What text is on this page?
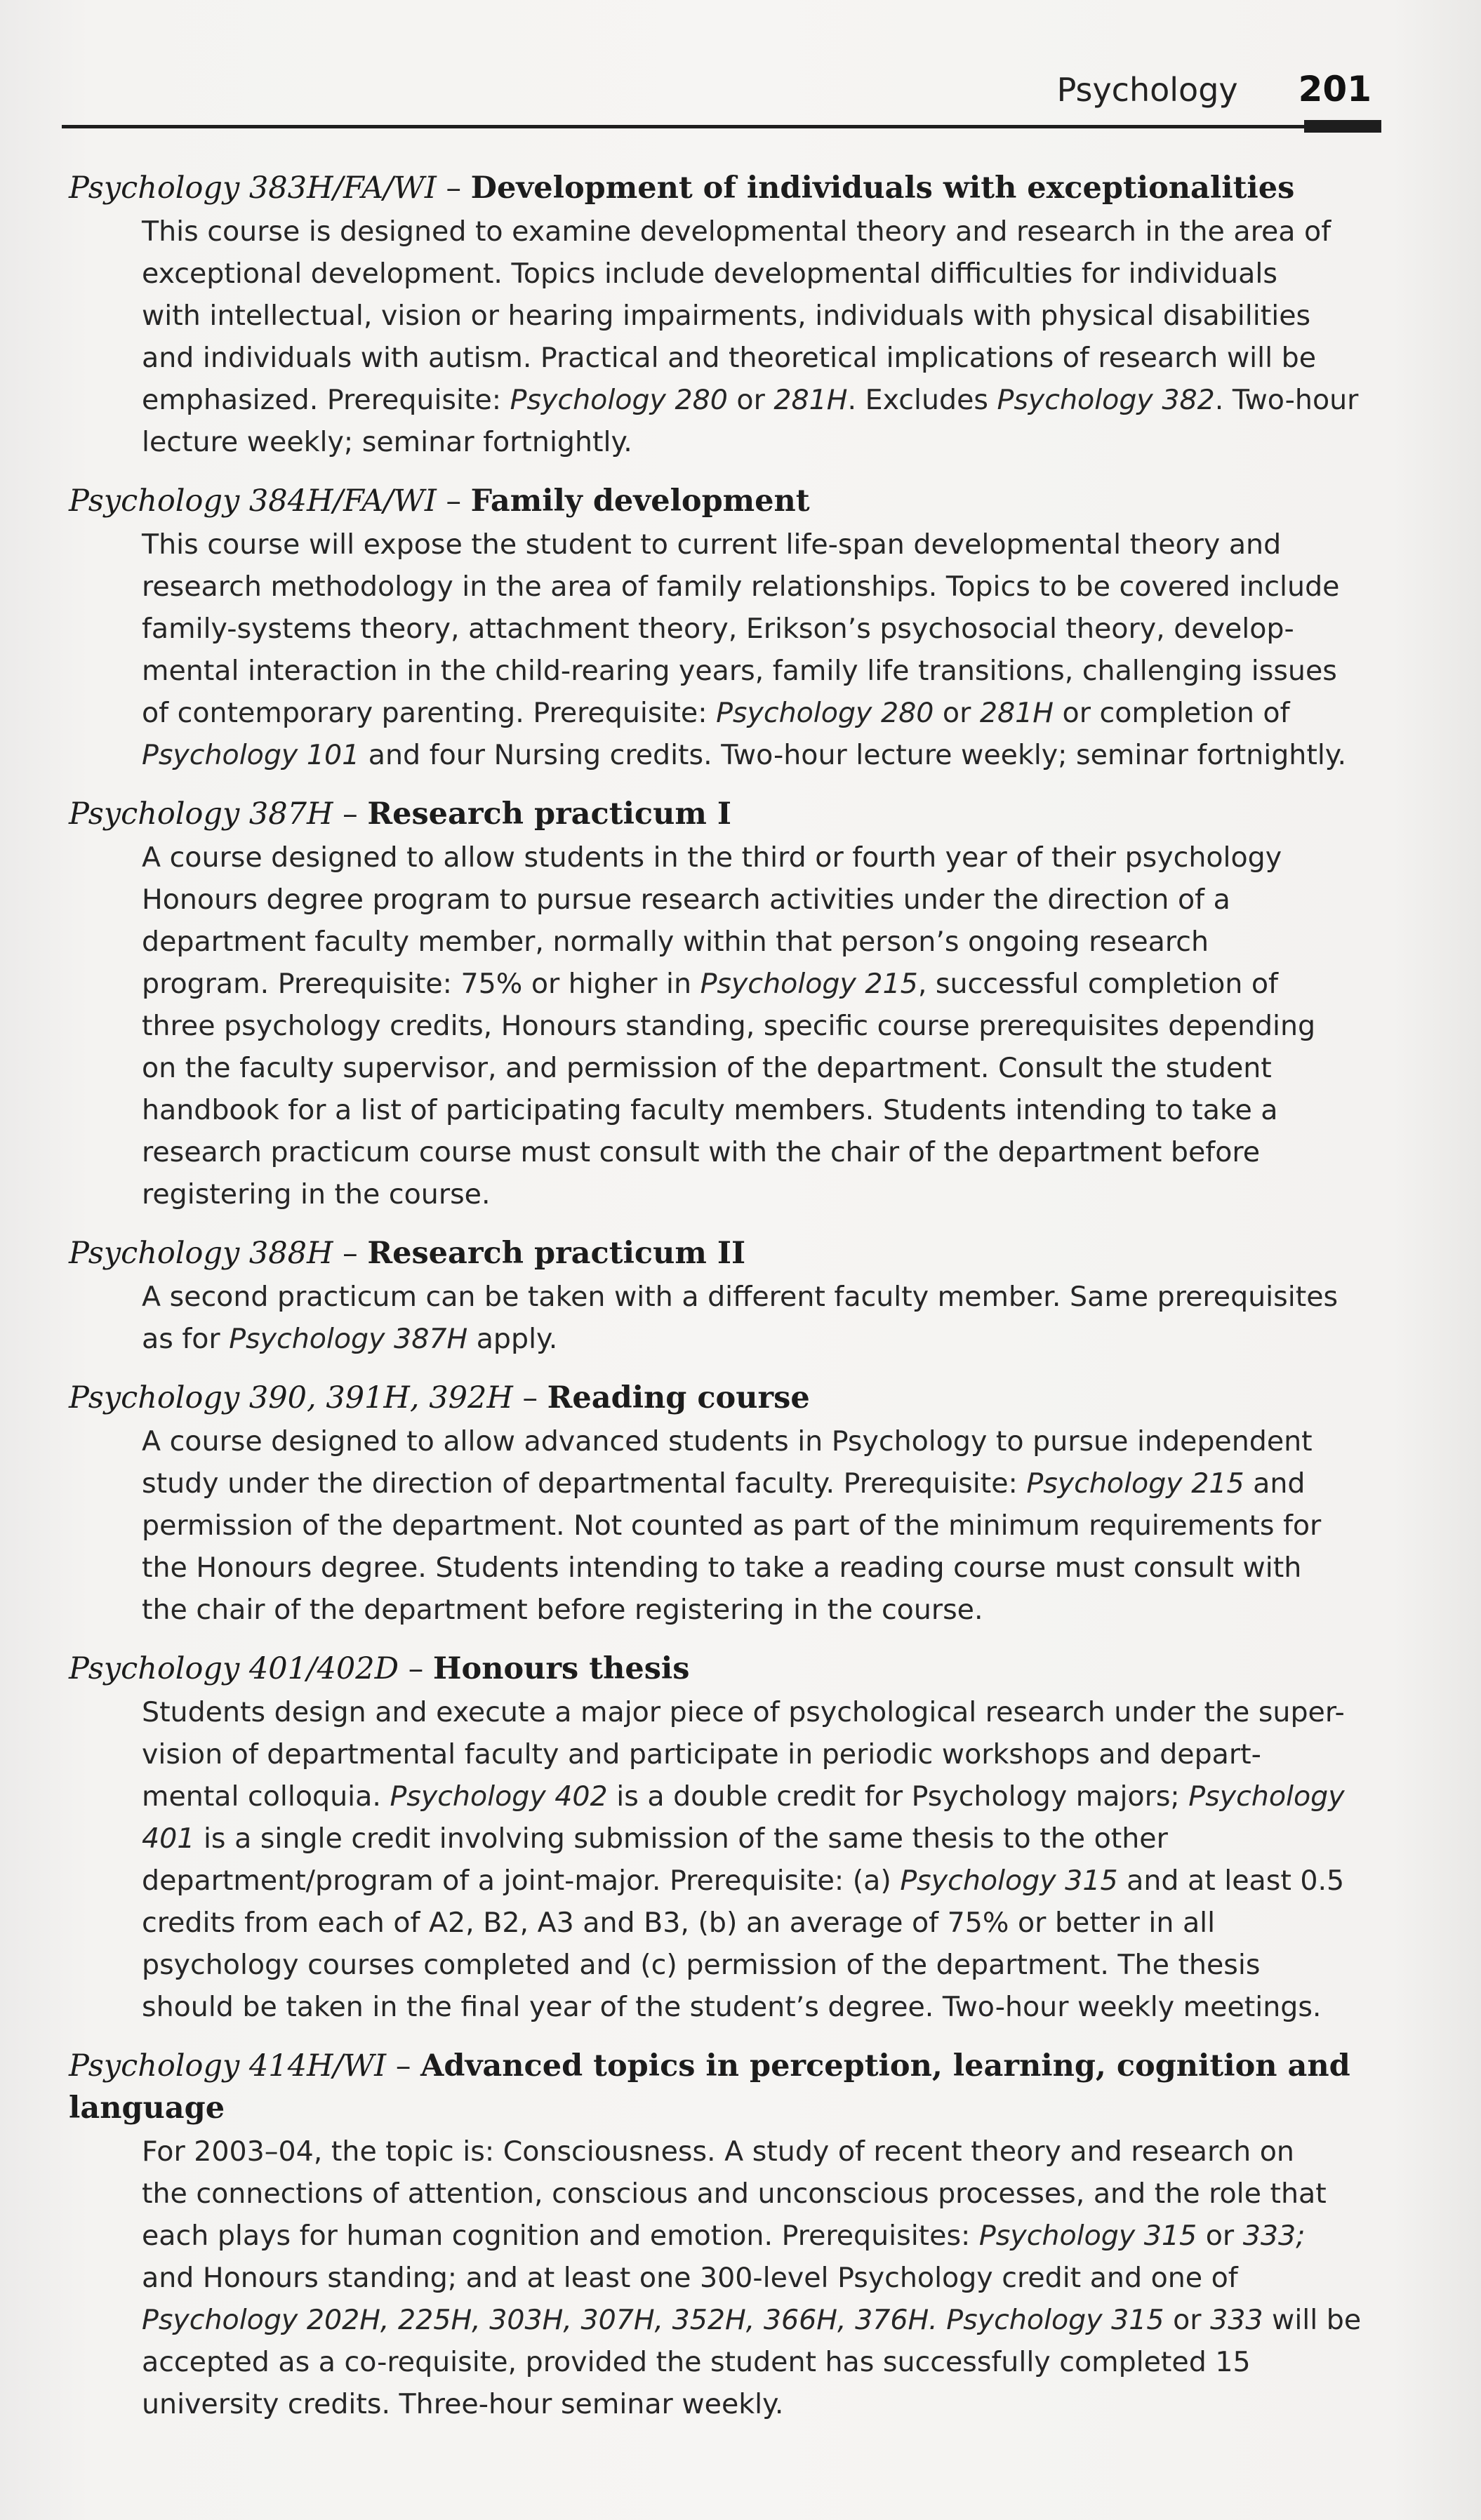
Psychology 201
Psychology 383H/FA/WI – Development of individuals with exceptionalities

This course is designed to examine developmental theory and research in the area of

exceptional development. Topics include developmental difficulties for individuals

with intellectual, vision or hearing impairments, individuals with physical disabilities

and individuals with autism. Practical and theoretical implications of research will be

emphasized. Prerequisite: Psychology 280 or 281H. Excludes Psychology 382. Two-hour

lecture weekly; seminar fortnightly.

Psychology 384H/FA/WI – Family development

This course will expose the student to current life-span developmental theory and

research methodology in the area of family relationships. Topics to be covered include

family-systems theory, attachment theory, Erikson’s psychosocial theory, develop-

mental interaction in the child-rearing years, family life transitions, challenging issues

of contemporary parenting. Prerequisite: Psychology 280 or 281H or completion of

Psychology 101 and four Nursing credits. Two-hour lecture weekly; seminar fortnightly.

Psychology 387H – Research practicum I

A course designed to allow students in the third or fourth year of their psychology

Honours degree program to pursue research activities under the direction of a

department faculty member, normally within that person’s ongoing research

program. Prerequisite: 75% or higher in Psychology 215, successful completion of

three psychology credits, Honours standing, specific course prerequisites depending

on the faculty supervisor, and permission of the department. Consult the student

handbook for a list of participating faculty members. Students intending to take a

research practicum course must consult with the chair of the department before

registering in the course.

Psychology 388H – Research practicum II

A second practicum can be taken with a different faculty member. Same prerequisites

as for Psychology 387H apply.

Psychology 390, 391H, 392H – Reading course

A course designed to allow advanced students in Psychology to pursue independent

study under the direction of departmental faculty. Prerequisite: Psychology 215 and

permission of the department. Not counted as part of the minimum requirements for

the Honours degree. Students intending to take a reading course must consult with

the chair of the department before registering in the course.

Psychology 401/402D – Honours thesis

Students design and execute a major piece of psychological research under the super-

vision of departmental faculty and participate in periodic workshops and depart-

mental colloquia. Psychology 402 is a double credit for Psychology majors; Psychology

401 is a single credit involving submission of the same thesis to the other

department/program of a joint-major. Prerequisite: (a) Psychology 315 and at least 0.5

credits from each of A2, B2, A3 and B3, (b) an average of 75% or better in all

psychology courses completed and (c) permission of the department. The thesis

should be taken in the final year of the student’s degree. Two-hour weekly meetings.

Psychology 414H/WI – Advanced topics in perception, learning, cognition and language

For 2003–04, the topic is: Consciousness. A study of recent theory and research on

the connections of attention, conscious and unconscious processes, and the role that

each plays for human cognition and emotion. Prerequisites: Psychology 315 or 333;

and Honours standing; and at least one 300-level Psychology credit and one of

Psychology 202H, 225H, 303H, 307H, 352H, 366H, 376H. Psychology 315 or 333 will be

accepted as a co-requisite, provided the student has successfully completed 15

university credits. Three-hour seminar weekly.
